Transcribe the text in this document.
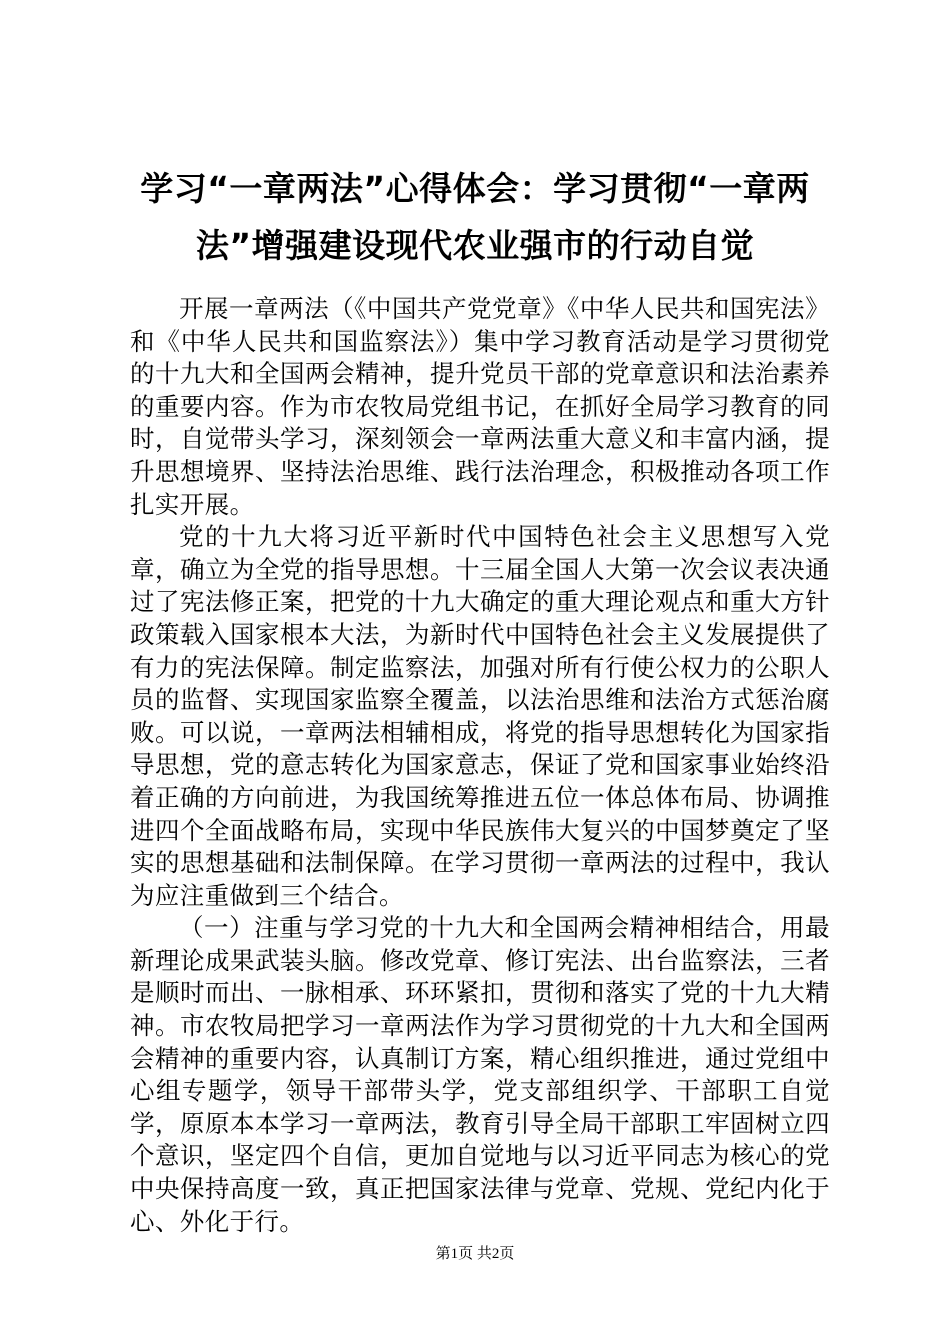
学习“一章两法”心得体会：学习贯彻“一章两法”增强建设现代农业强市的行动自觉

开展一章两法（《中国共产党党章》《中华人民共和国宪法》和《中华人民共和国监察法》）集中学习教育活动是学习贯彻党的十九大和全国两会精神，提升党员干部的党章意识和法治素养的重要内容。作为市农牧局党组书记，在抓好全局学习教育的同时，自觉带头学习，深刻领会一章两法重大意义和丰富内涵，提升思想境界、坚持法治思维、践行法治理念，积极推动各项工作扎实开展。

党的十九大将习近平新时代中国特色社会主义思想写入党章，确立为全党的指导思想。十三届全国人大第一次会议表决通过了宪法修正案，把党的十九大确定的重大理论观点和重大方针政策载入国家根本大法，为新时代中国特色社会主义发展提供了有力的宪法保障。制定监察法，加强对所有行使公权力的公职人员的监督、实现国家监察全覆盖，以法治思维和法治方式惩治腐败。可以说，一章两法相辅相成，将党的指导思想转化为国家指导思想，党的意志转化为国家意志，保证了党和国家事业始终沿着正确的方向前进，为我国统筹推进五位一体总体布局、协调推进四个全面战略布局，实现中华民族伟大复兴的中国梦奠定了坚实的思想基础和法制保障。在学习贯彻一章两法的过程中，我认为应注重做到三个结合。

（一）注重与学习党的十九大和全国两会精神相结合，用最新理论成果武装头脑。修改党章、修订宪法、出台监察法，三者是顺时而出、一脉相承、环环紧扣，贯彻和落实了党的十九大精神。市农牧局把学习一章两法作为学习贯彻党的十九大和全国两会精神的重要内容，认真制订方案，精心组织推进，通过党组中心组专题学，领导干部带头学，党支部组织学、干部职工自觉学，原原本本学习一章两法，教育引导全局干部职工牢固树立四个意识，坚定四个自信，更加自觉地与以习近平同志为核心的党中央保持高度一致，真正把国家法律与党章、党规、党纪内化于心、外化于行。

第1页 共2页
